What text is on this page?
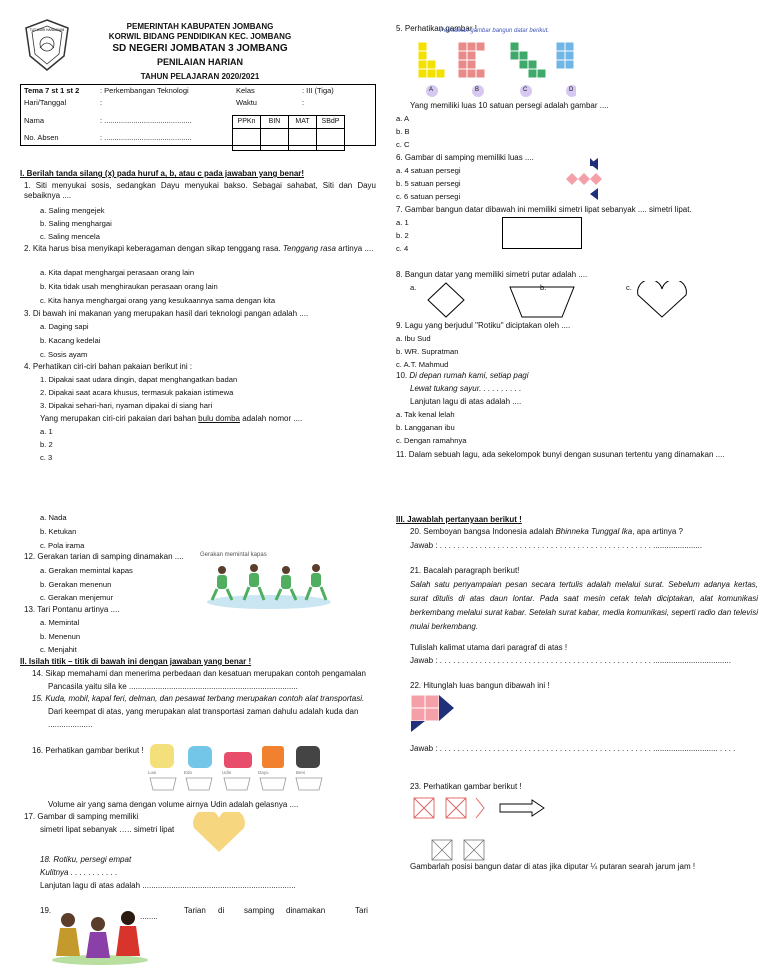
TUT WURI HANDAYANI	PEMERINTAH KABUPATEN JOMBANG
KORWIL BIDANG PENDIDIKAN KEC. JOMBANG
SD NEGERI JOMBATAN 3 JOMBANG
PENILAIAN HARIAN
TAHUN PELAJARAN 2020/2021
Tema 7 st 1 st 2	: Perkembangan Teknologi	Kelas	: III (Tiga)
Hari/Tanggal	:	Waktu	:
Nama	: ..........................................		
No. Absen	: ..........................................		
PPKn	BIN	MAT	SBdP

I. Berilah tanda silang (x) pada huruf a, b, atau c pada jawaban yang benar!
1. Siti menyukai sosis, sedangkan Dayu menyukai bakso. Sebagai sahabat, Siti dan Dayu sebaiknya ....
a. Saling mengejek
b. Saling menghargai
c. Saling mencela
2. Kita harus bisa menyikapi keberagaman dengan sikap tenggang rasa. Tenggang rasa artinya ....
a. Kita dapat menghargai perasaan orang lain
b. Kita tidak usah menghiraukan perasaan orang lain
c. Kita hanya menghargai orang yang kesukaannya sama dengan kita
3. Di bawah ini makanan yang merupakan hasil dari teknologi pangan adalah ....
a. Daging sapi
b. Kacang kedelai
c. Sosis ayam
4. Perhatikan ciri-ciri bahan pakaian berikut ini :
1. Dipakai saat udara dingin, dapat menghangatkan badan
2. Dipakai saat acara khusus, termasuk pakaian istimewa
3. Dipakai sehari-hari, nyaman dipakai di siang hari
Yang merupakan ciri-ciri pakaian dari bahan bulu domba adalah nomor ....
a. 1
b. 2
c. 3
a. Nada
b. Ketukan
c. Pola irama
12. Gerakan tarian di samping dinamakan ....	Gerakan memintal kapas
a. Gerakan memintal kapas
b. Gerakan menenun
c. Gerakan menjemur
13. Tari Pontanu artinya ....
a. Memintal
b. Menenun
c. Menjahit
II. Isilah titik – titik di bawah ini dengan jawaban yang benar !
14. Sikap memahami dan menerima perbedaan dan kesatuan merupakan contoh pengamalan
Pancasila yaitu sila ke ............................................................................
15. Kuda, mobil, kapal feri, delman, dan pesawat terbang merupakan contoh alat transportasi.
Dari keempat di atas, yang merupakan alat transportasi zaman dahulu adalah kuda dan
....................
16. Perhatikan gambar berikut !
Lusi	Edo	Udin	Dayu	Beni
Volume air yang sama dengan volume airnya Udin adalah gelasnya ....
17. Gambar di samping memiliki
simetri lipat sebanyak ….. simetri lipat
18. Rotiku, persegi empat
Kulitnya . . . . . . . . . . .
Lanjutan lagu di atas adalah .....................................................................
19.	Tarian di samping dinamakan	Tari
........
5. Perhatikan gambar !
Perhatikan gambar bangun datar berikut.
A	B	C	D
Yang memiliki luas 10 satuan persegi adalah gambar ....
a. A
b. B
c. C
6. Gambar di samping memiliki luas ....
a. 4 satuan persegi
b. 5 satuan persegi
c. 6 satuan persegi
7. Gambar bangun datar dibawah ini memiliki simetri lipat sebanyak .... simetri lipat.
a. 1
b. 2
c. 4
8. Bangun datar yang memiliki simetri putar adalah ....
a.	b.	c.
9. Lagu yang berjudul "Rotiku" diciptakan oleh ....
a. Ibu Sud
b. WR. Supratman
c. A.T. Mahmud
10. Di depan rumah kami, setiap pagi
Lewat tukang sayur. . . . . . . . . .
Lanjutan lagu di atas adalah ....
a. Tak kenal lelah
b. Langganan ibu
c. Dengan ramahnya
11. Dalam sebuah lagu, ada sekelompok bunyi dengan susunan tertentu yang dinamakan ....
III. Jawablah pertanyaan berikut !
20. Semboyan bangsa Indonesia adalah Bhinneka Tunggal Ika, apa artinya ?
Jawab : . . . . . . . . . . . . . . . . . . . . . . . . . . . . . . . . . . . . . . . . . . . . . . . . ......................
21. Bacalah paragraph berikut!
Salah satu penyampaian pesan secara tertulis adalah melalui surat. Sebelum adanya kertas, surat ditulis di atas daun lontar. Pada saat mesin cetak telah diciptakan, alat komunikasi berkembang melalui surat kabar. Setelah surat kabar, media komunikasi, seperti radio dan televisi mulai berkembang.
Tulislah kalimat utama dari paragraf di atas !
Jawab : . . . . . . . . . . . . . . . . . . . . . . . . . . . . . . . . . . . . . . . . . . . . . . . . ...................................
22. Hitunglah luas bangun dibawah ini !
Jawab : . . . . . . . . . . . . . . . . . . . . . . . . . . . . . . . . . . . . . . . . . . . . . . . . ............................. . . . .
23. Perhatikan gambar berikut !
Gambarlah posisi bangun datar di atas jika diputar ¼ putaran searah jarum jam !
